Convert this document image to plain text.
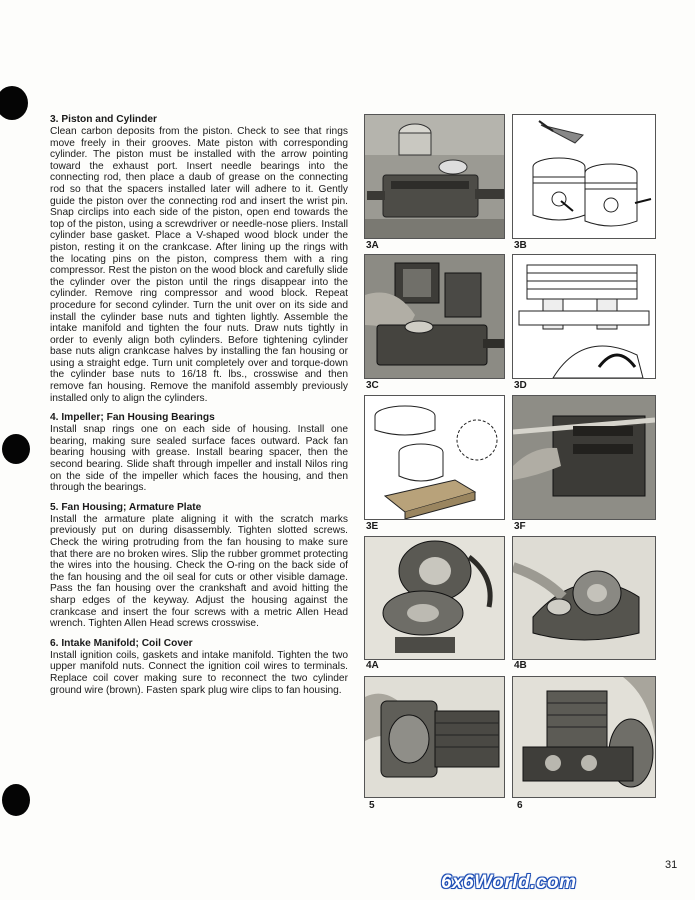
3. Piston and Cylinder

Clean carbon deposits from the piston. Check to see that rings move freely in their grooves. Mate piston with corresponding cylinder. The piston must be installed with the arrow pointing toward the exhaust port. Insert needle bearings into the connecting rod, then place a daub of grease on the connecting rod so that the spacers installed later will adhere to it. Gently guide the piston over the connecting rod and insert the wrist pin. Snap circlips into each side of the piston, open end towards the top of the piston, using a screwdriver or needle-nose pliers. Install cylinder base gasket. Place a V-shaped wood block under the piston, resting it on the crankcase. After lining up the rings with the locating pins on the piston, compress them with a ring compressor. Rest the piston on the wood block and carefully slide the cylinder over the piston until the rings disappear into the cylinder. Remove ring compressor and wood block. Repeat procedure for second cylinder. Turn the unit over on its side and install the cylinder base nuts and tighten lightly. Assemble the intake manifold and tighten the four nuts. Draw nuts tightly in order to evenly align both cylinders. Before tightening cylinder base nuts align crankcase halves by installing the fan housing or using a straight edge. Turn unit completely over and torque-down the cylinder base nuts to 16/18 ft. lbs., crosswise and then remove fan housing. Remove the manifold assembly previously installed only to align the cylinders.

4. Impeller; Fan Housing Bearings

Install snap rings one on each side of housing. Install one bearing, making sure sealed surface faces outward. Pack fan bearing housing with grease. Install bearing spacer, then the second bearing. Slide shaft through impeller and install Nilos ring on the side of the impeller which faces the housing, and then through the bearings.

5. Fan Housing; Armature Plate

Install the armature plate aligning it with the scratch marks previously put on during disassembly. Tighten slotted screws. Check the wiring protruding from the fan housing to make sure that there are no broken wires. Slip the rubber grommet protecting the wires into the housing. Check the O-ring on the back side of the fan housing and the oil seal for cuts or other visible damage. Pass the fan housing over the crankshaft and avoid hitting the sharp edges of the keyway. Adjust the housing against the crankcase and insert the four screws with a metric Allen Head wrench. Tighten Allen Head screws crosswise.

6. Intake Manifold; Coil Cover

Install ignition coils, gaskets and intake manifold. Tighten the two upper manifold nuts. Connect the ignition coil wires to terminals. Replace coil cover making sure to reconnect the two cylinder ground wire (brown). Fasten spark plug wire clips to fan housing.

3A	3B
3C	3D
3E	3F
4A	4B
5	6
31
6x6World.com
